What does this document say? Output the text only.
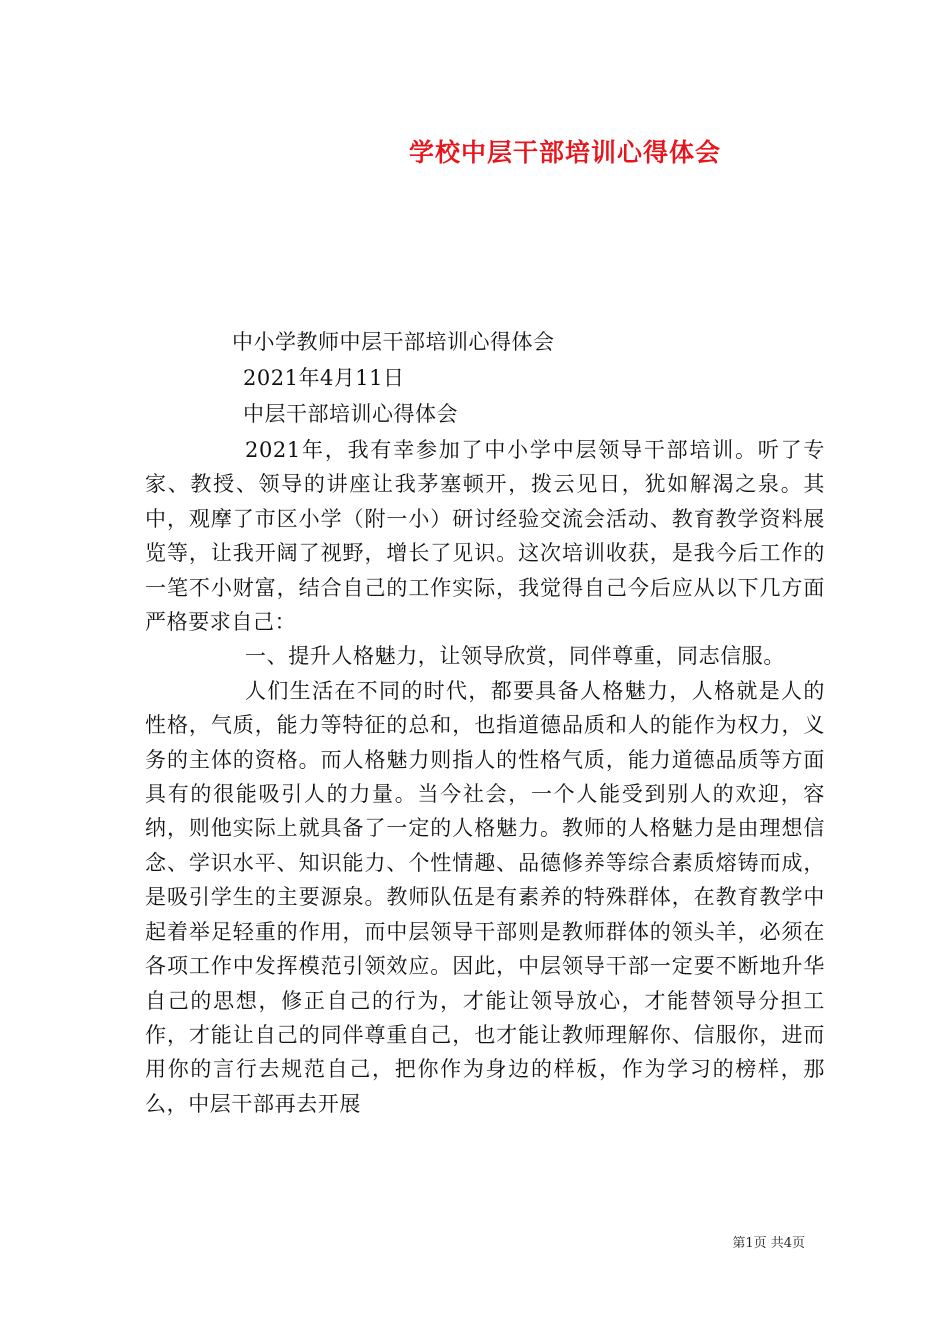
学校中层干部培训心得体会
中小学教师中层干部培训心得体会
2021年4月11日
中层干部培训心得体会

2021年，我有幸参加了中小学中层领导干部培训。听了专家、教授、领导的讲座让我茅塞顿开，拨云见日，犹如解渴之泉。其中，观摩了市区小学（附一小）研讨经验交流会活动、教育教学资料展览等，让我开阔了视野，增长了见识。这次培训收获，是我今后工作的一笔不小财富，结合自己的工作实际，我觉得自己今后应从以下几方面严格要求自己：

一、提升人格魅力，让领导欣赏，同伴尊重，同志信服。

人们生活在不同的时代，都要具备人格魅力，人格就是人的性格，气质，能力等特征的总和，也指道德品质和人的能作为权力，义务的主体的资格。而人格魅力则指人的性格气质，能力道德品质等方面具有的很能吸引人的力量。当今社会，一个人能受到别人的欢迎，容纳，则他实际上就具备了一定的人格魅力。教师的人格魅力是由理想信念、学识水平、知识能力、个性情趣、品德修养等综合素质熔铸而成，是吸引学生的主要源泉。教师队伍是有素养的特殊群体，在教育教学中起着举足轻重的作用，而中层领导干部则是教师群体的领头羊，必须在各项工作中发挥模范引领效应。因此，中层领导干部一定要不断地升华自己的思想，修正自己的行为，才能让领导放心，才能替领导分担工作，才能让自己的同伴尊重自己，也才能让教师理解你、信服你，进而用你的言行去规范自己，把你作为身边的样板，作为学习的榜样，那么，中层干部再去开展

第1页 共4页
